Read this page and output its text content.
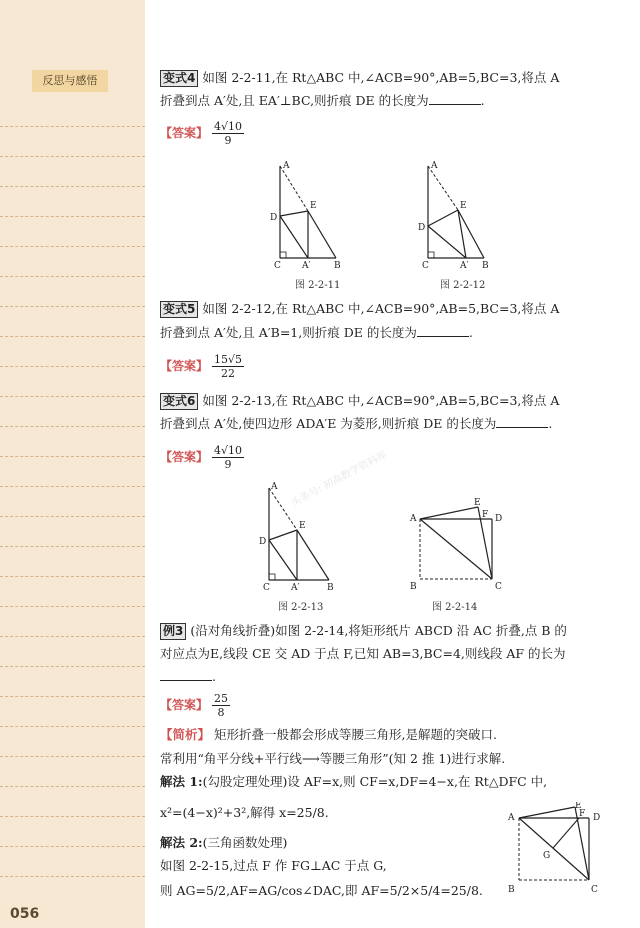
反思与感悟
056
头条号: 初高数学资料库
变式4 如图 2-2-11,在 Rt△ABC 中,∠ACB=90°,AB=5,BC=3,将点 A
折叠到点 A′处,且 EA′⊥BC,则折痕 DE 的长度为	.
【答案】 $\frac{4√10}{9}$
A
D
E
C A′	B
图 2-2-11
A
D
E
C	A′ B
图 2-2-12
变式5 如图 2-2-12,在 Rt△ABC 中,∠ACB=90°,AB=5,BC=3,将点 A
折叠到点 A′处,且 A′B=1,则折痕 DE 的长度为	.
【答案】 $\frac{15√5}{22}$
变式6 如图 2-2-13,在 Rt△ABC 中,∠ACB=90°,AB=5,BC=3,将点 A
折叠到点 A′处,使四边形 ADA′E 为菱形,则折痕 DE 的长度为	.
【答案】 $\frac{4√10}{9}$
A
D
E
C A′	B
图 2-2-13
A
E
F D
B	C
图 2-2-14
例3 (沿对角线折叠)如图 2-2-14,将矩形纸片 ABCD 沿 AC 折叠,点 B 的
对应点为E,线段 CE 交 AD 于点 F,已知 AB=3,BC=4,则线段 AF 的长为
.
【答案】 $\frac{25}{8}$
【简析】 矩形折叠一般都会形成等腰三角形,是解题的突破口.
常利用“角平分线+平行线⟶等腰三角形”(知 2 推 1)进行求解.
解法 1:(勾股定理处理)设 AF=x,则 CF=x,DF=4−x,在 Rt△DFC 中,
x²=(4−x)²+3²,解得 x=25/8.
解法 2:(三角函数处理)
如图 2-2-15,过点 F 作 FG⊥AC 于点 G,
则 AG=5/2,AF=AG/cos∠DAC,即 AF=5/2×5/4=25/8.
A
E
F D
G
B	C
